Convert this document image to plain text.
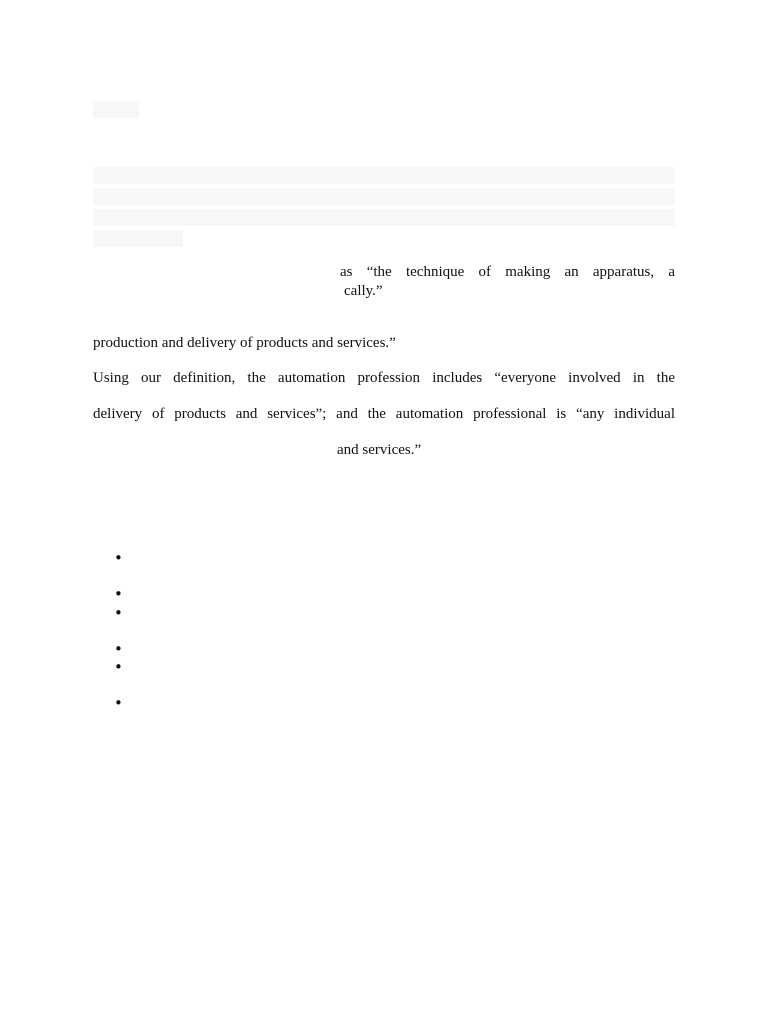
as “the technique of making an apparatus, a
cally.”
production and delivery of products and services.”
Using our definition, the automation profession includes “everyone involved in the
delivery of products and services”; and the automation professional is “any individual
and services.”
•
•
•
•
•
•
